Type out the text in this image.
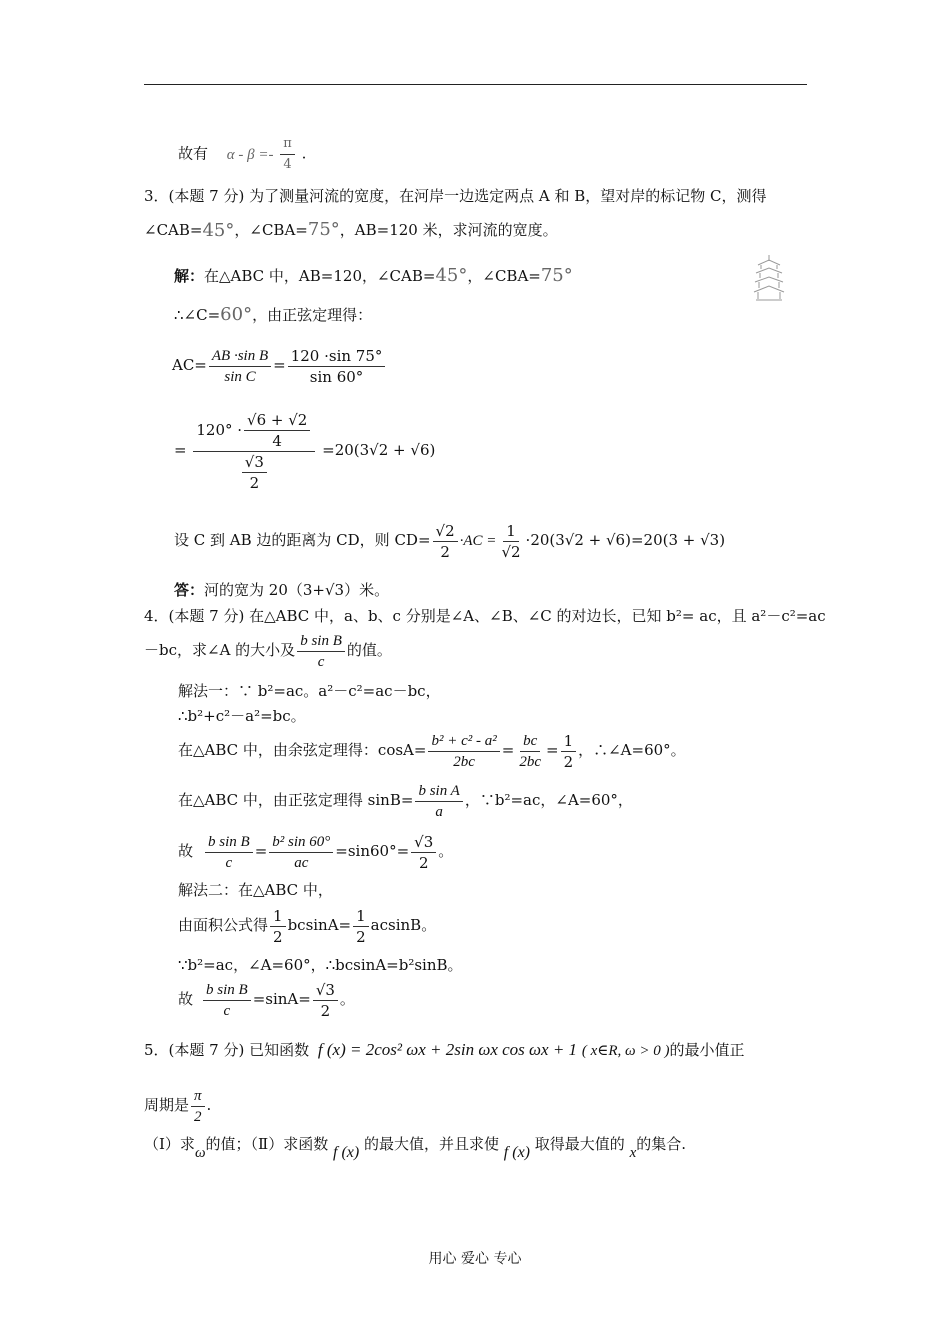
故有 $\alpha - \beta =- \frac{\pi}{4}$ .
3．(本题 7 分) 为了测量河流的宽度，在河岸一边选定两点 A 和 B，望对岸的标记物 C，测得
∠CAB=45°，∠CBA=75°，AB=120 米，求河流的宽度。
解：在△ABC 中，AB=120，∠CAB=45°，∠CBA=75°
∴∠C=60°，由正弦定理得：
$AC= \frac{\text{AB ·sin B}}{\text{sin C}} = \frac{120 \cdot\sin 75^\circ}{\sin 60^\circ}$
= $\frac{120^\circ \cdot \frac{√6 + √2}{4}}{\frac{√3}{2}} =20(3√2 + √6)$
设 C 到 AB 边的距离为 CD，则 $CD= \frac{√2}{2} \cdot AC = \frac{1}{√2} \cdot 20(3√2 + √6)=20(3 + √3)$
答：河的宽为 20（3+√3）米。
4．(本题 7 分) 在△ABC 中，a、b、c 分别是∠A、∠B、∠C 的对边长，已知 b²= ac，且 a²－c²=ac
－bc，求∠A 的大小及 $\frac{\text{b sin B}}{c}$ 的值。
解法一：∵ b²=ac。a²－c²=ac－bc，
∴b²+c²－a²=bc。
在△ABC 中，由余弦定理得：$\cos A= \frac{\text{b² + c² - a²}}{2bc} = \frac{bc}{2bc} = \frac{1}{2}$ ，∴∠A=60°。
在△ABC 中，由正弦定理得 $\sin B= \frac{\text{b sin A}}{a}$ ，∵b²=ac，∠A=60°，
故 $\frac{\text{b sin B}}{c} = \frac{\text{b² sin 60°}}{ac} =\sin 60^\circ= \frac{√3}{2}$ 。
解法二：在△ABC 中，
由面积公式得 $\frac{1}{2} bcsinA= \frac{1}{2}$ acsinB。
∵b²=ac，∠A=60°，∴bcsinA=b²sinB。
故 $\frac{\text{b sin B}}{c} =\sin A= \frac{√3}{2}$ 。
5．(本题 7 分) 已知函数 f (x) = 2cos² ωx + 2sin ωx cos ωx + 1 ( x∈R, ω > 0 )的最小值正
周期是 $\frac{\pi}{2}$ .
（Ⅰ）求ω的值；（Ⅱ）求函数 f (x) 的最大值，并且求使 f (x) 取得最大值的 x的集合.
用心 爱心 专心
